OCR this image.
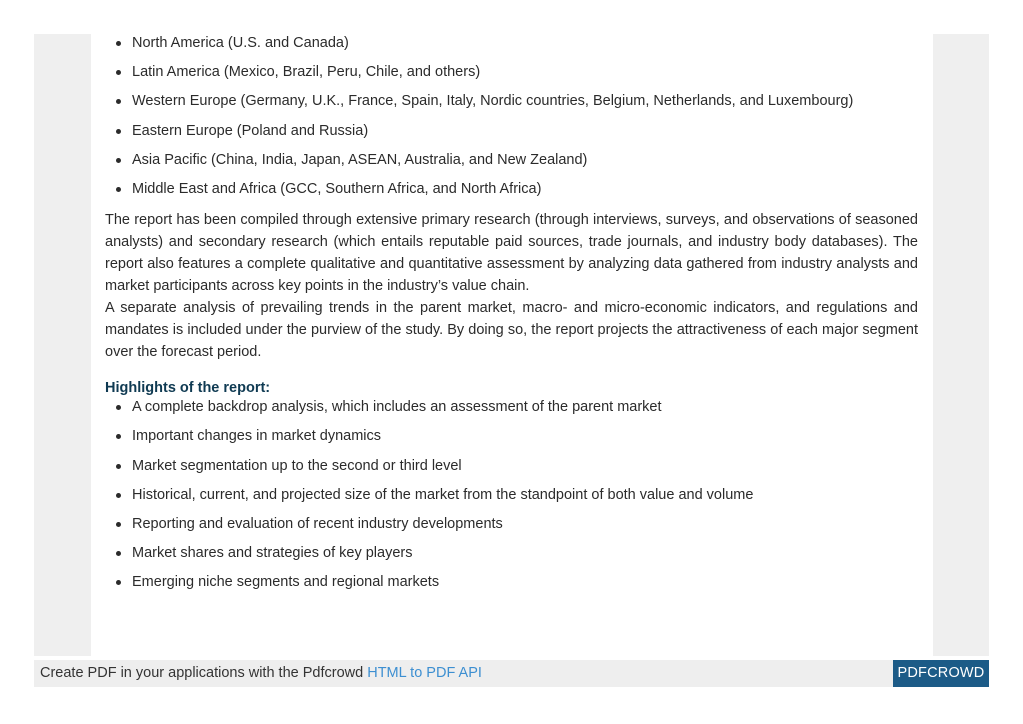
North America (U.S. and Canada)
Latin America (Mexico, Brazil, Peru, Chile, and others)
Western Europe (Germany, U.K., France, Spain, Italy, Nordic countries, Belgium, Netherlands, and Luxembourg)
Eastern Europe (Poland and Russia)
Asia Pacific (China, India, Japan, ASEAN, Australia, and New Zealand)
Middle East and Africa (GCC, Southern Africa, and North Africa)

The report has been compiled through extensive primary research (through interviews, surveys, and observations of seasoned analysts) and secondary research (which entails reputable paid sources, trade journals, and industry body databases). The report also features a complete qualitative and quantitative assessment by analyzing data gathered from industry analysts and market participants across key points in the industry’s value chain.

A separate analysis of prevailing trends in the parent market, macro- and micro-economic indicators, and regulations and mandates is included under the purview of the study. By doing so, the report projects the attractiveness of each major segment over the forecast period.

Highlights of the report:
A complete backdrop analysis, which includes an assessment of the parent market
Important changes in market dynamics
Market segmentation up to the second or third level
Historical, current, and projected size of the market from the standpoint of both value and volume
Reporting and evaluation of recent industry developments
Market shares and strategies of key players
Emerging niche segments and regional markets
Create PDF in your applications with the Pdfcrowd HTML to PDF API	PDFCROWD
